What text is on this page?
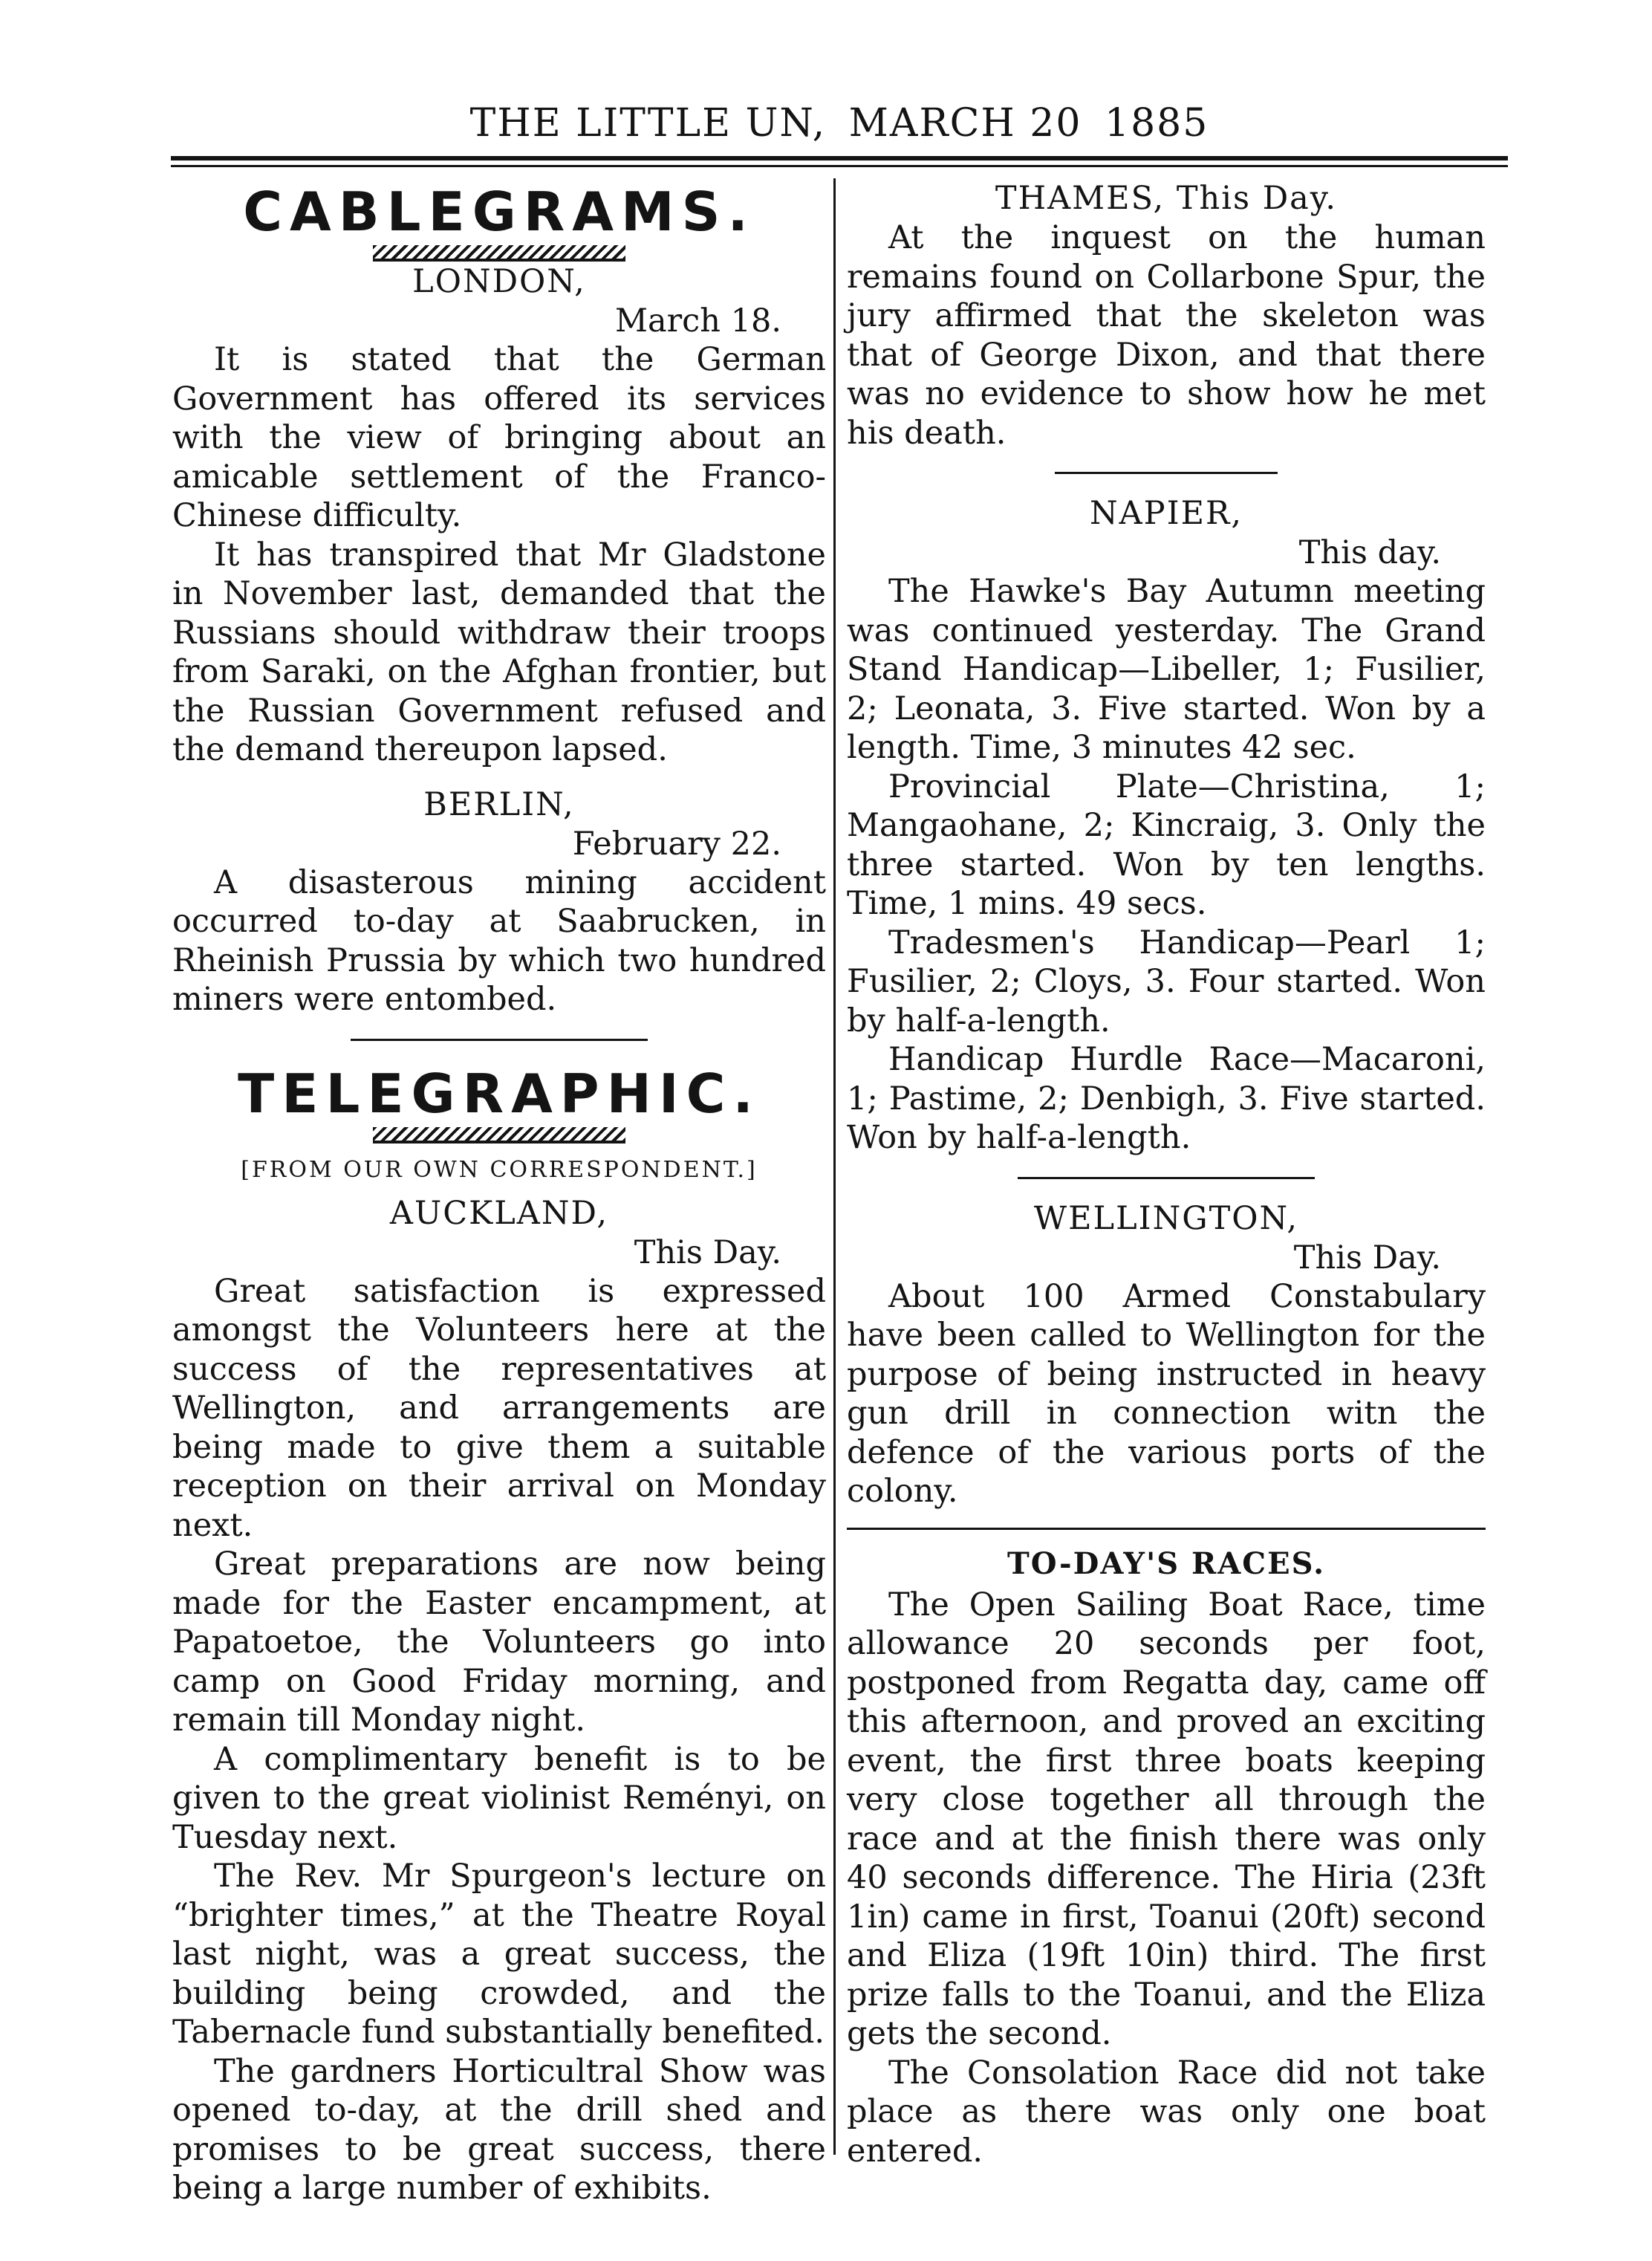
THE LITTLE UN, MARCH 20 1885
CABLEGRAMS.

LONDON,

March 18.

It is stated that the German Government has offered its services with the view of bringing about an amicable settlement of the Franco-Chinese difficulty.

It has transpired that Mr Gladstone in November last, demanded that the Russians should withdraw their troops from Saraki, on the Afghan frontier, but the Russian Government refused and the demand thereupon lapsed.

BERLIN,

February 22.

A disasterous mining accident occurred to-day at Saabrucken, in Rheinish Prussia by which two hundred miners were entombed.

TELEGRAPHIC.

[FROM OUR OWN CORRESPONDENT.]

AUCKLAND,

This Day.

Great satisfaction is expressed amongst the Volunteers here at the success of the representatives at Wellington, and arrangements are being made to give them a suitable reception on their arrival on Monday next.

Great preparations are now being made for the Easter encampment, at Papatoetoe, the Volunteers go into camp on Good Friday morning, and remain till Monday night.

A complimentary benefit is to be given to the great violinist Reményi, on Tuesday next.

The Rev. Mr Spurgeon's lecture on “brighter times,” at the Theatre Royal last night, was a great success, the building being crowded, and the Tabernacle fund substantially benefited.

The gardners Horticultral Show was opened to-day, at the drill shed and promises to be great success, there being a large number of exhibits.

THAMES, This Day.

At the inquest on the human remains found on Collarbone Spur, the jury affirmed that the skeleton was that of George Dixon, and that there was no evidence to show how he met his death.

NAPIER,

This day.

The Hawke's Bay Autumn meeting was continued yesterday. The Grand Stand Handicap—Libeller, 1; Fusilier, 2; Leonata, 3. Five started. Won by a length. Time, 3 minutes 42 sec.

Provincial Plate—Christina, 1; Mangaohane, 2; Kincraig, 3. Only the three started. Won by ten lengths. Time, 1 mins. 49 secs.

Tradesmen's Handicap—Pearl 1; Fusilier, 2; Cloys, 3. Four started. Won by half-a-length.

Handicap Hurdle Race—Macaroni, 1; Pastime, 2; Denbigh, 3. Five started. Won by half-a-length.

WELLINGTON,

This Day.

About 100 Armed Constabulary have been called to Wellington for the purpose of being instructed in heavy gun drill in connection witn the defence of the various ports of the colony.

TO-DAY'S RACES.

The Open Sailing Boat Race, time allowance 20 seconds per foot, postponed from Regatta day, came off this afternoon, and proved an exciting event, the first three boats keeping very close together all through the race and at the finish there was only 40 seconds difference. The Hiria (23ft 1in) came in first, Toanui (20ft) second and Eliza (19ft 10in) third. The first prize falls to the Toanui, and the Eliza gets the second.

The Consolation Race did not take place as there was only one boat entered.
